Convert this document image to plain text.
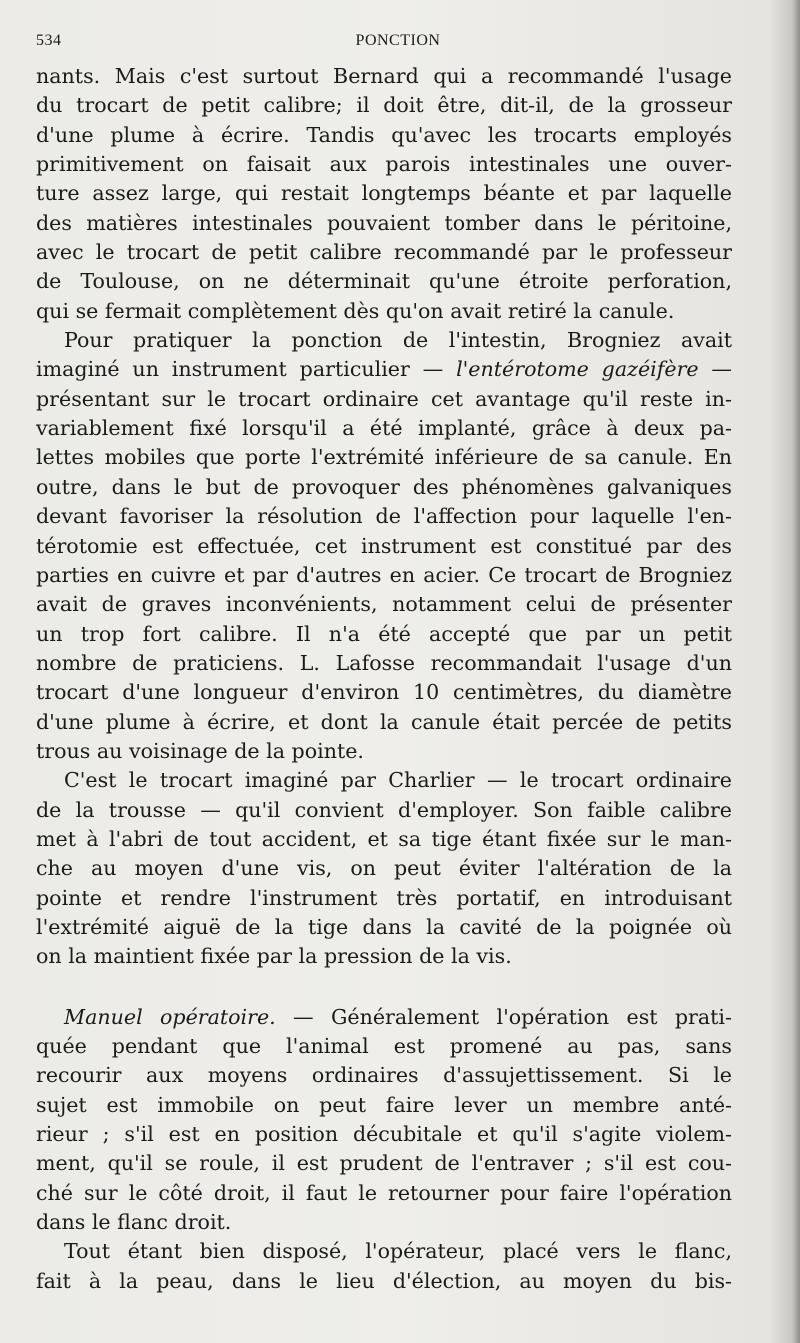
534	PONCTION
nants. Mais c'est surtout Bernard qui a recommandé l'usage
du trocart de petit calibre; il doit être, dit-il, de la grosseur
d'une plume à écrire. Tandis qu'avec les trocarts employés
primitivement on faisait aux parois intestinales une ouver-
ture assez large, qui restait longtemps béante et par laquelle
des matières intestinales pouvaient tomber dans le péritoine,
avec le trocart de petit calibre recommandé par le professeur
de Toulouse, on ne déterminait qu'une étroite perforation,
qui se fermait complètement dès qu'on avait retiré la canule.
Pour pratiquer la ponction de l'intestin, Brogniez avait
imaginé un instrument particulier — l'entérotome gazéifère —
présentant sur le trocart ordinaire cet avantage qu'il reste in-
variablement fixé lorsqu'il a été implanté, grâce à deux pa-
lettes mobiles que porte l'extrémité inférieure de sa canule. En
outre, dans le but de provoquer des phénomènes galvaniques
devant favoriser la résolution de l'affection pour laquelle l'en-
térotomie est effectuée, cet instrument est constitué par des
parties en cuivre et par d'autres en acier. Ce trocart de Brogniez
avait de graves inconvénients, notamment celui de présenter
un trop fort calibre. Il n'a été accepté que par un petit
nombre de praticiens. L. Lafosse recommandait l'usage d'un
trocart d'une longueur d'environ 10 centimètres, du diamètre
d'une plume à écrire, et dont la canule était percée de petits
trous au voisinage de la pointe.
C'est le trocart imaginé par Charlier — le trocart ordinaire
de la trousse — qu'il convient d'employer. Son faible calibre
met à l'abri de tout accident, et sa tige étant fixée sur le man-
che au moyen d'une vis, on peut éviter l'altération de la
pointe et rendre l'instrument très portatif, en introduisant
l'extrémité aiguë de la tige dans la cavité de la poignée où
on la maintient fixée par la pression de la vis.
Manuel opératoire. — Généralement l'opération est prati-
quée pendant que l'animal est promené au pas, sans
recourir aux moyens ordinaires d'assujettissement. Si le
sujet est immobile on peut faire lever un membre anté-
rieur ; s'il est en position décubitale et qu'il s'agite violem-
ment, qu'il se roule, il est prudent de l'entraver ; s'il est cou-
ché sur le côté droit, il faut le retourner pour faire l'opération
dans le flanc droit.
Tout étant bien disposé, l'opérateur, placé vers le flanc,
fait à la peau, dans le lieu d'élection, au moyen du bis-
